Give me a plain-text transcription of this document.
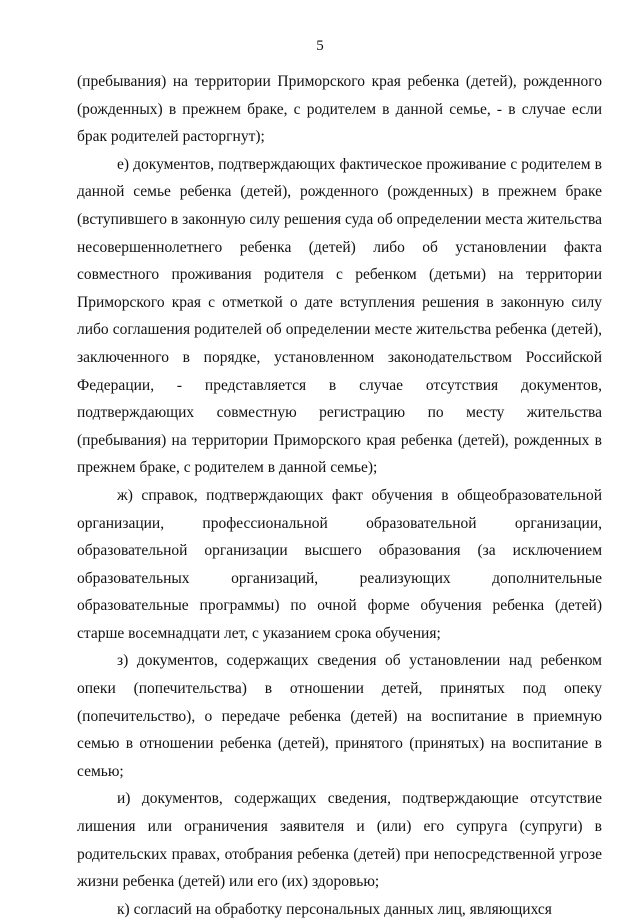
5

(пребывания) на территории Приморского края ребенка (детей), рожденного (рожденных) в прежнем браке, с родителем в данной семье, - в случае если брак родителей расторгнут);

е) документов, подтверждающих фактическое проживание с родителем в данной семье ребенка (детей), рожденного (рожденных) в прежнем браке (вступившего в законную силу решения суда об определении места жительства несовершеннолетнего ребенка (детей) либо об установлении факта совместного проживания родителя с ребенком (детьми) на территории Приморского края с отметкой о дате вступления решения в законную силу либо соглашения родителей об определении месте жительства ребенка (детей), заключенного в порядке, установленном законодательством Российской Федерации, - представляется в случае отсутствия документов, подтверждающих совместную регистрацию по месту жительства (пребывания) на территории Приморского края ребенка (детей), рожденных в прежнем браке, с родителем в данной семье);

ж) справок, подтверждающих факт обучения в общеобразовательной организации, профессиональной образовательной организации, образовательной организации высшего образования (за исключением образовательных организаций, реализующих дополнительные образовательные программы) по очной форме обучения ребенка (детей) старше восемнадцати лет, с указанием срока обучения;

з) документов, содержащих сведения об установлении над ребенком опеки (попечительства) в отношении детей, принятых под опеку (попечительство), о передаче ребенка (детей) на воспитание в приемную семью в отношении ребенка (детей), принятого (принятых) на воспитание в семью;

и) документов, содержащих сведения, подтверждающие отсутствие лишения или ограничения заявителя и (или) его супруга (супруги) в родительских правах, отобрания ребенка (детей) при непосредственной угрозе жизни ребенка (детей) или его (их) здоровью;

к) согласий на обработку персональных данных лиц, являющихся
